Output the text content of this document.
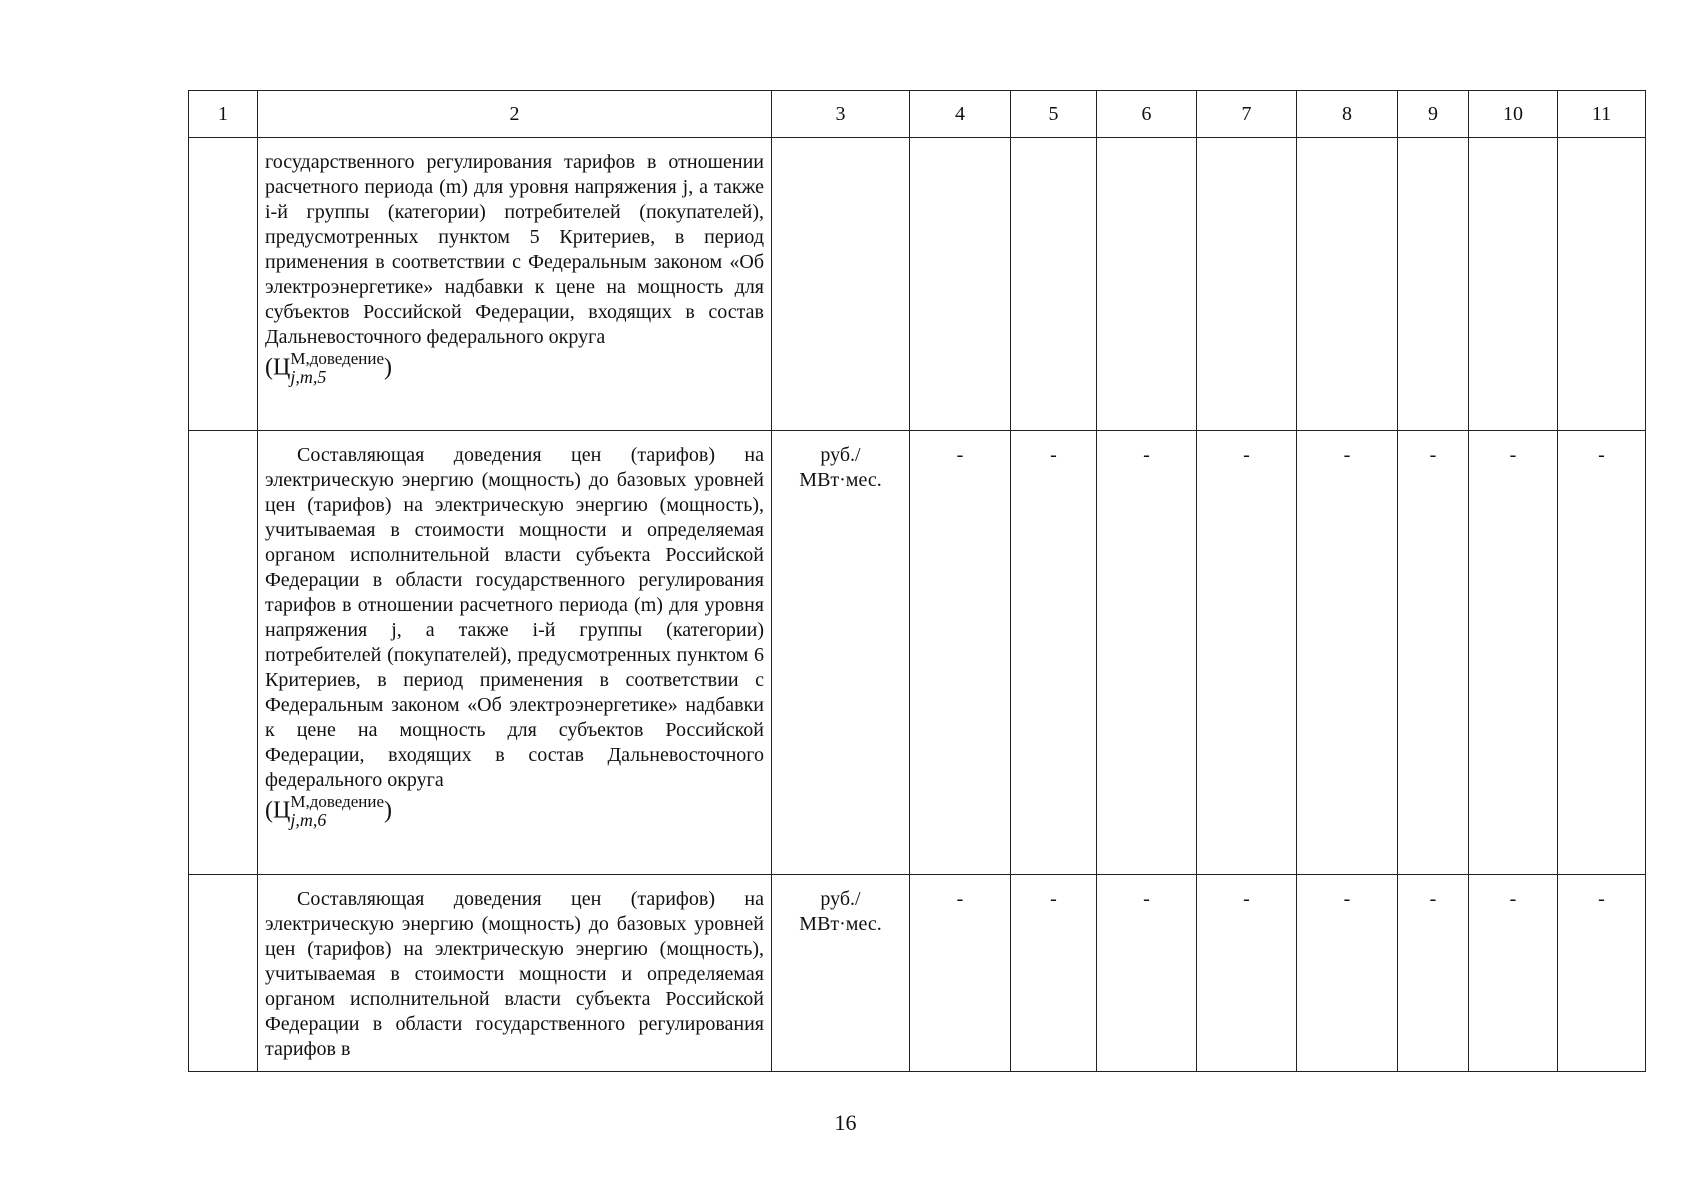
1	2	3	4	5	6	7	8	9	10	11

	государственного регулирования тарифов в отношении расчетного периода (m) для уровня напряжения j, а также i-й группы (категории) потребителей (покупателей), предусмотренных пунктом 5 Критериев, в период применения в соответствии с Федеральным законом «Об электроэнергетике» надбавки к цене на мощность для субъектов Российской Федерации, входящих в состав Дальневосточного федерального округа
(Ц М,доведение
j,m,5 )									

	Составляющая доведения цен (тарифов) на электрическую энергию (мощность) до базовых уровней цен (тарифов) на электрическую энергию (мощность), учитываемая в стоимости мощности и определяемая органом исполнительной власти субъекта Российской Федерации в области государственного регулирования тарифов в отношении расчетного периода (m) для уровня напряжения j, а также i-й группы (категории) потребителей (покупателей), предусмотренных пунктом 6 Критериев, в период применения в соответствии с Федеральным законом «Об электроэнергетике» надбавки к цене на мощность для субъектов Российской Федерации, входящих в состав Дальневосточного федерального округа
(Ц М,доведение
j,m,6 )	руб./
МВт·мес.	-	-	-	-	-	-	-	-

	Составляющая доведения цен (тарифов) на электрическую энергию (мощность) до базовых уровней цен (тарифов) на электрическую энергию (мощность), учитываемая в стоимости мощности и определяемая органом исполнительной власти субъекта Российской Федерации в области государственного регулирования тарифов в	руб./
МВт·мес.	-	-	-	-	-	-	-	-
16
